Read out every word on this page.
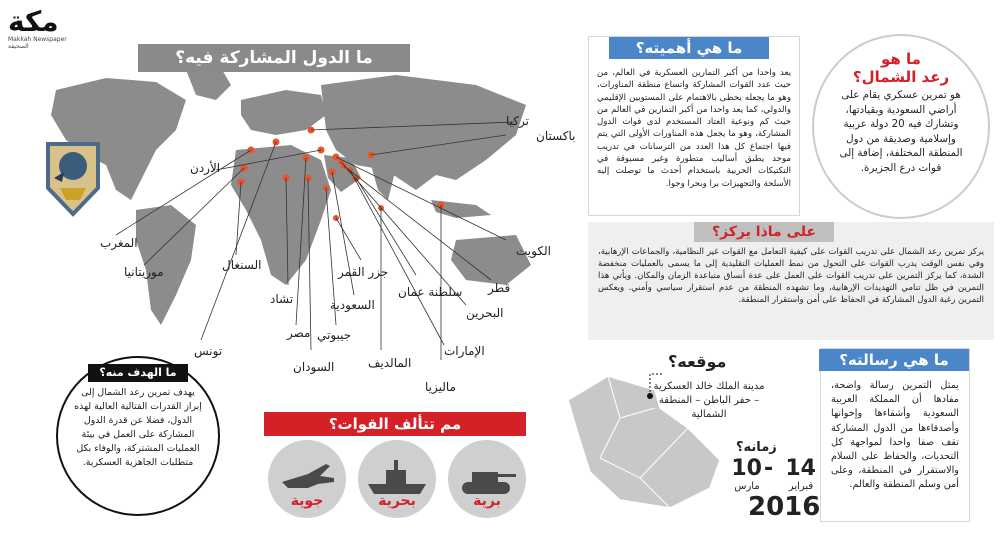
مكة
Makkah Newspaper الصحيفة
ما الدول المشاركة فيه؟
تركيا
باكستان
الأردن
المغرب
موريتانيا	السنغال
تشاد
تونس
مصر جيبوتي
السودان
السعودية
جزر القمر
سلطنة عمان
المالديف
ماليزيا
الإمارات
البحرين
قطر
الكويت
ما هي أهميته؟
يعد واحدا من أكبر التمارين العسكرية في العالم، من حيث عدد القوات المشاركة واتساع منطقة المناورات، وهو ما يجعله يحظى بالاهتمام على المستويين الإقليمي والدولي، كما يعد واحدا من أكبر التمارين في العالم من حيث كم ونوعية العتاد المستخدم لدى قوات الدول المشاركة، وهو ما يجعل هذه المناورات الأولى التي يتم فيها اجتماع كل هذا العدد من الترسانات في تدريب موحد يطبق أساليب متطورة وغير مسبوقة في التكتيكات الحربية باستخدام أحدث ما توصلت إليه الأسلحة والتجهيزات برا وبحرا وجوا.
ما هو
رعد الشمال؟
هو تمرين عسكري يقام على أراضي السعودية وبقيادتها، وتشارك فيه 20 دولة عربية وإسلامية وصديقة من دول المنطقة المختلفة، إضافة إلى قوات درع الجزيرة.
على ماذا يركز؟
يركز تمرين رعد الشمال على تدريب القوات على كيفية التعامل مع القوات غير النظامية، والجماعات الإرهابية، وفي نفس الوقت يدرب القوات على التحول من نمط العمليات التقليدية إلى ما يسمى بالعمليات منخفضة الشدة، كما يركز التمرين على تدريب القوات على العمل على عدة أنساق متباعدة الزمان والمكان. ويأتي هذا التمرين في ظل تنامي التهديدات الإرهابية، وما تشهده المنطقة من عدم استقرار سياسي وأمني. ويعكس التمرين رغبة الدول المشاركة في الحفاظ على أمن واستقرار المنطقة.
ما هي رسالته؟
يمثل التمرين رسالة واضحة، مفادها أن المملكة العربية السعودية وأشقاءها وإخوانها وأصدقاءها من الدول المشاركة تقف صفا واحدا لمواجهة كل التحديات، والحفاظ على السلام والاستقرار في المنطقة، وعلى أمن وسلم المنطقة والعالم.
ما الهدف منه؟
يهدف تمرين رعد الشمال إلى إبراز القدرات القتالية العالية لهذه الدول، فضلا عن قدرة الدول المشاركة على العمل في بيئة العمليات المشتركة، والوفاء بكل متطلبات الجاهزية العسكرية.
مم تتألف القوات؟
جوية	بحرية	برية
موقعه؟
مدينة الملك خالد العسكرية – حفر الباطن – المنطقة الشمالية
زمانه؟
14
فبراير
-
10
مارس
2016
